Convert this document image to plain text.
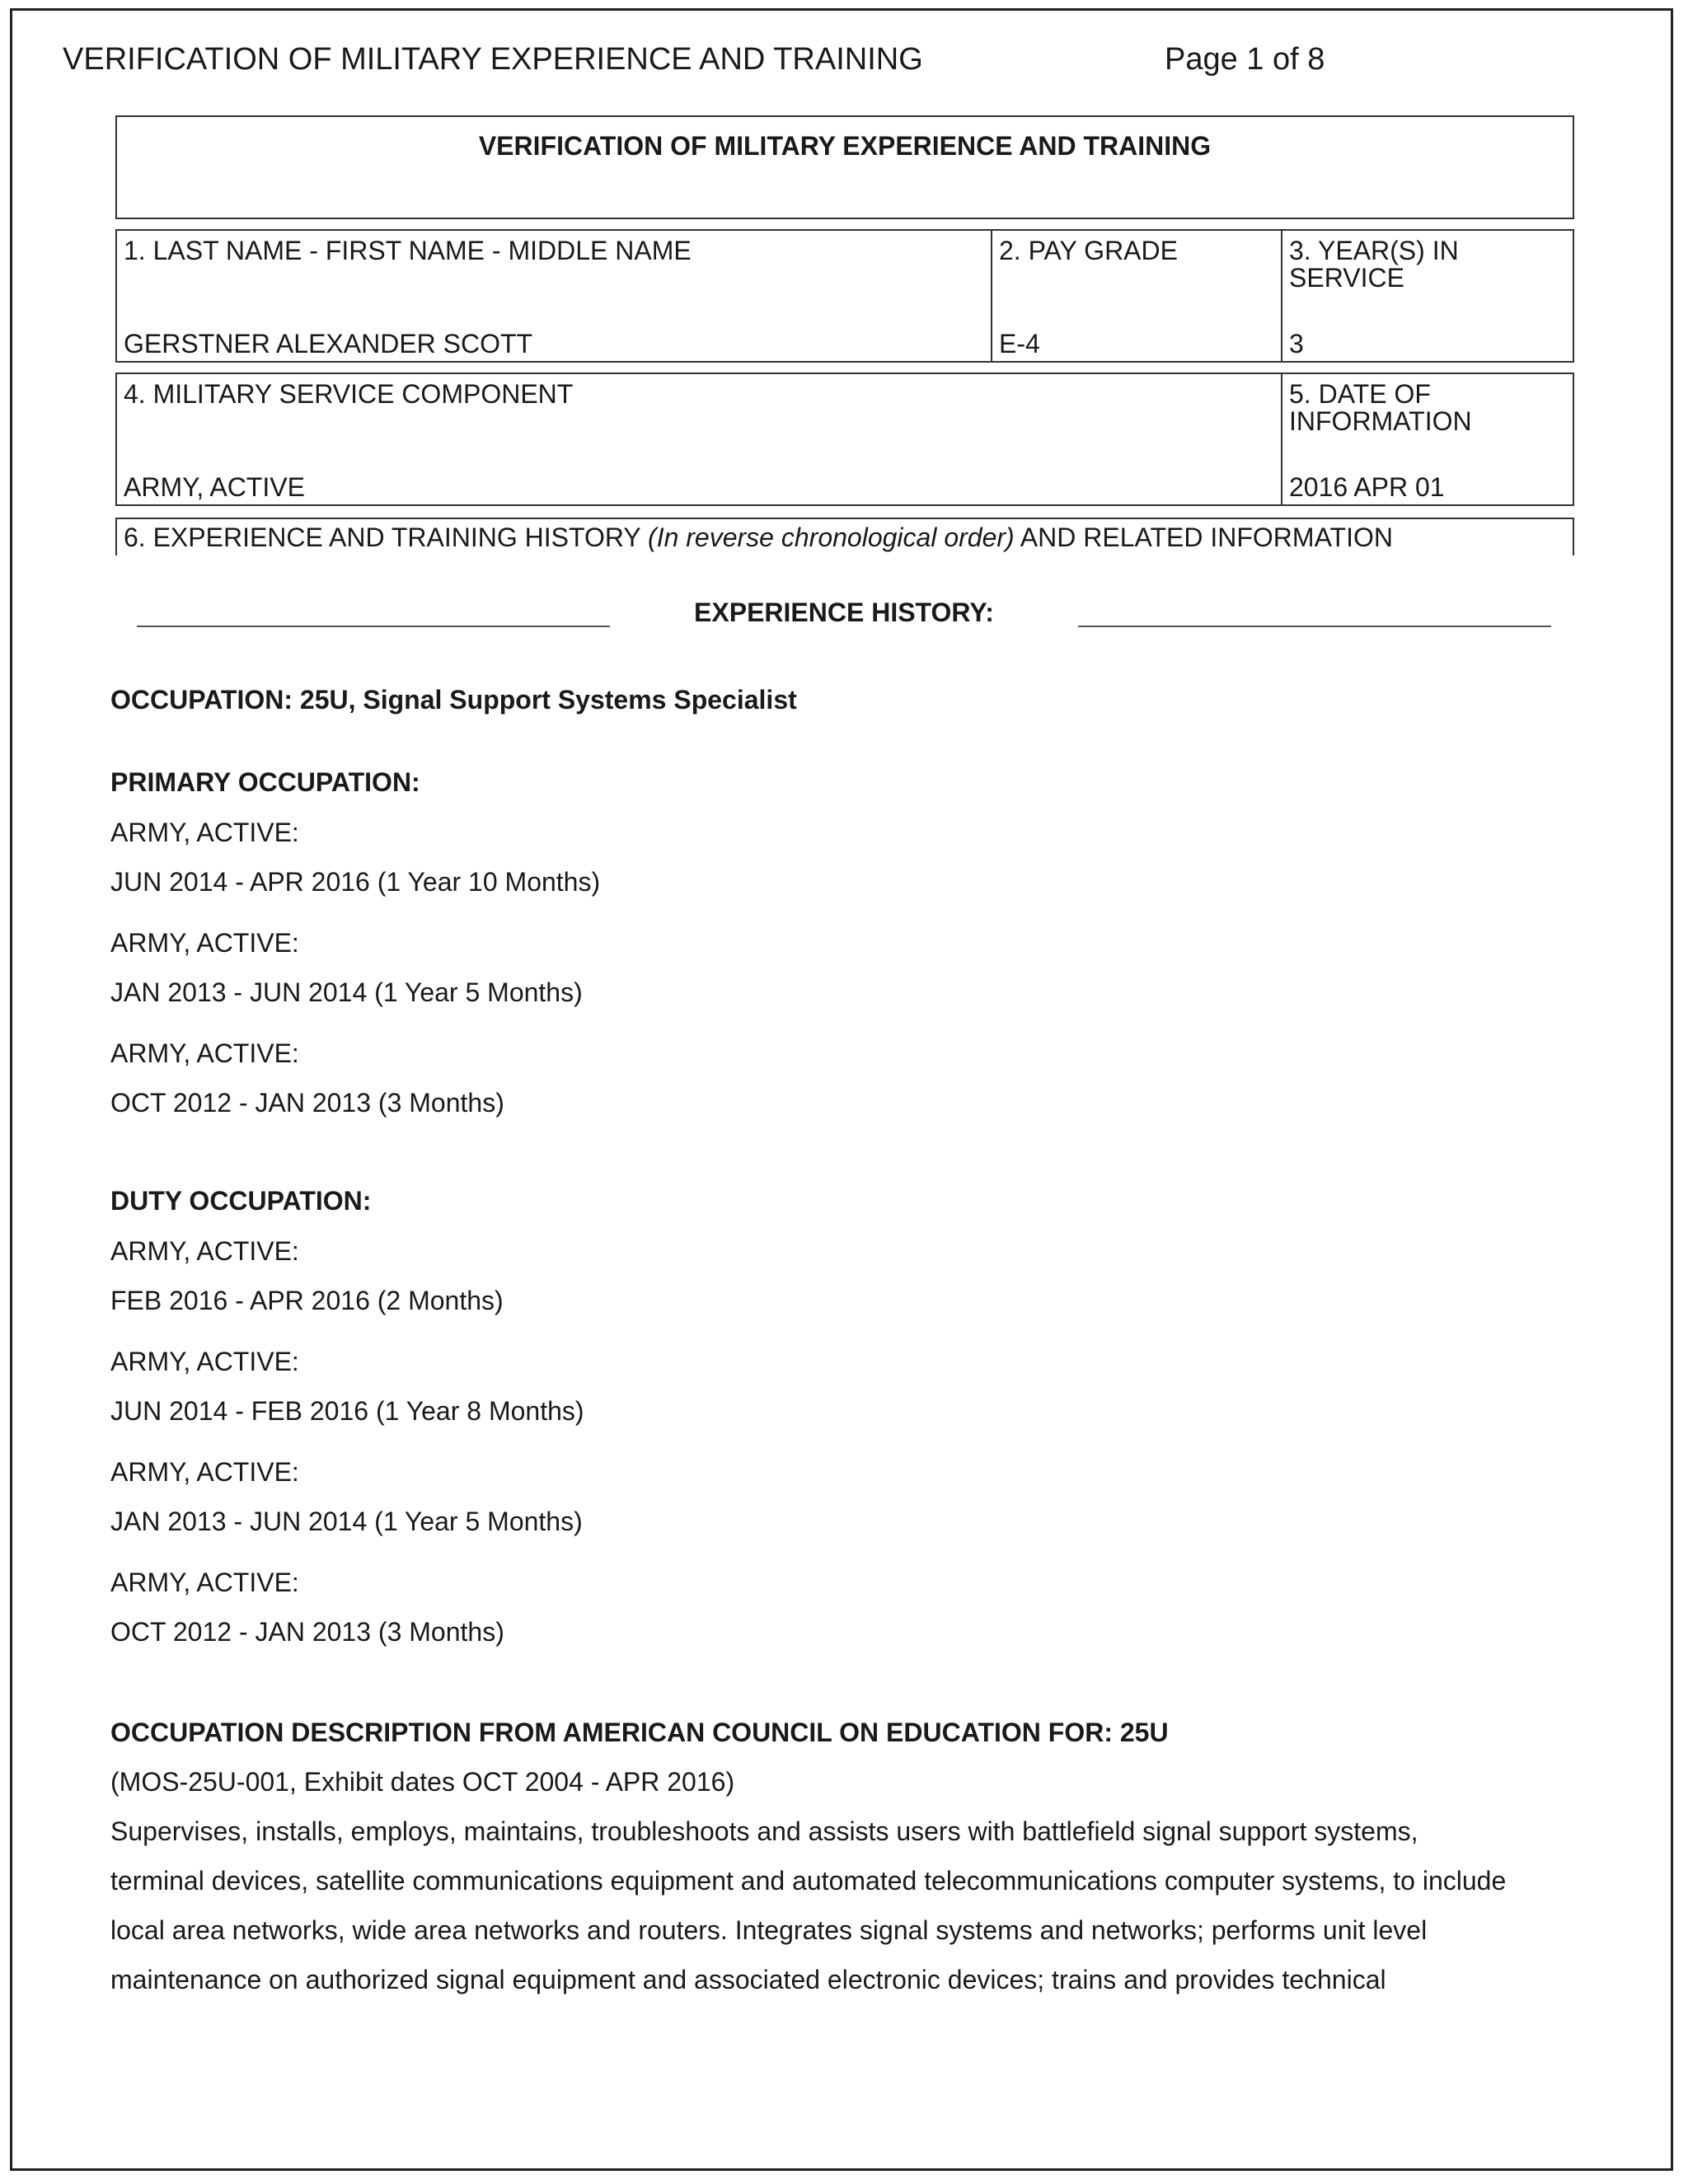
VERIFICATION OF MILITARY EXPERIENCE AND TRAINING	Page 1 of 8
VERIFICATION OF MILITARY EXPERIENCE AND TRAINING
1. LAST NAME - FIRST NAME - MIDDLE NAME
GERSTNER ALEXANDER SCOTT
2. PAY GRADE
E-4
3. YEAR(S) IN SERVICE
3
4. MILITARY SERVICE COMPONENT
ARMY, ACTIVE
5. DATE OF INFORMATION
2016 APR 01
6. EXPERIENCE AND TRAINING HISTORY (In reverse chronological order) AND RELATED INFORMATION
EXPERIENCE HISTORY:
OCCUPATION: 25U, Signal Support Systems Specialist
PRIMARY OCCUPATION:
ARMY, ACTIVE:
JUN 2014 - APR 2016 (1 Year 10 Months)
ARMY, ACTIVE:
JAN 2013 - JUN 2014 (1 Year 5 Months)
ARMY, ACTIVE:
OCT 2012 - JAN 2013 (3 Months)
DUTY OCCUPATION:
ARMY, ACTIVE:
FEB 2016 - APR 2016 (2 Months)
ARMY, ACTIVE:
JUN 2014 - FEB 2016 (1 Year 8 Months)
ARMY, ACTIVE:
JAN 2013 - JUN 2014 (1 Year 5 Months)
ARMY, ACTIVE:
OCT 2012 - JAN 2013 (3 Months)
OCCUPATION DESCRIPTION FROM AMERICAN COUNCIL ON EDUCATION FOR: 25U
(MOS-25U-001, Exhibit dates OCT 2004 - APR 2016)
Supervises, installs, employs, maintains, troubleshoots and assists users with battlefield signal support systems,
terminal devices, satellite communications equipment and automated telecommunications computer systems, to include
local area networks, wide area networks and routers. Integrates signal systems and networks; performs unit level
maintenance on authorized signal equipment and associated electronic devices; trains and provides technical
